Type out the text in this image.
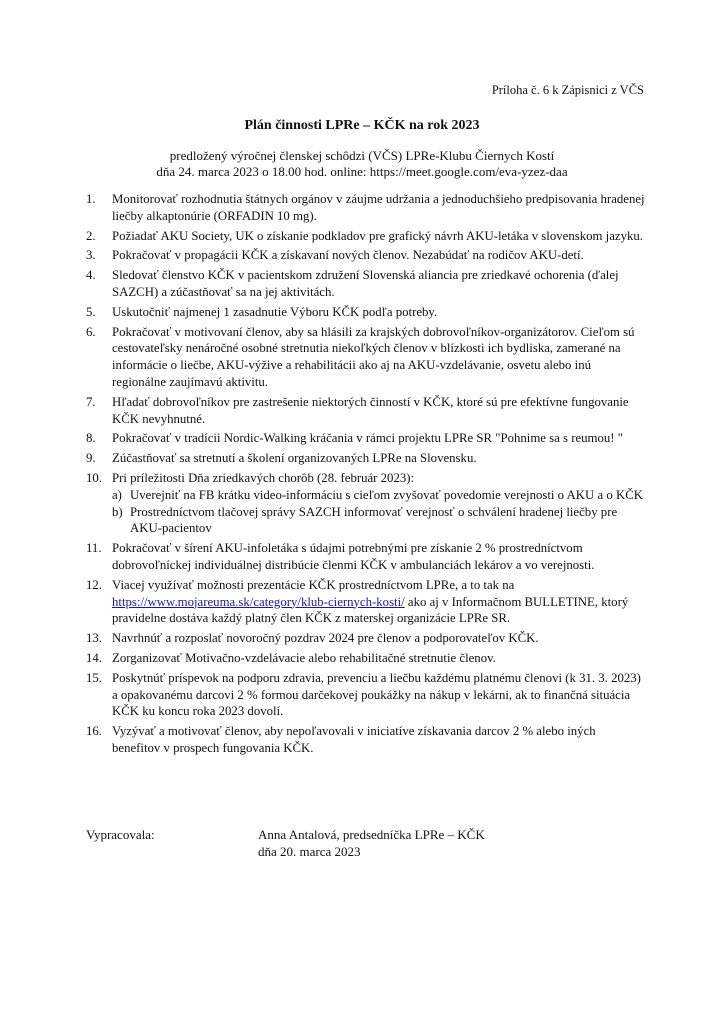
Príloha č. 6 k Zápisnici z VČS
Plán činnosti LPRe – KČK na rok 2023
predložený výročnej členskej schôdzi (VČS) LPRe-Klubu Čiernych Kostí
dňa 24. marca 2023 o 18.00 hod. online: https://meet.google.com/eva-yzez-daa
1.	Monitorovať rozhodnutia štátnych orgánov v záujme udržania a jednoduchšieho predpisovania hradenej liečby alkaptonúrie (ORFADIN 10 mg).
2.	Požiadať AKU Society, UK o získanie podkladov pre grafický návrh AKU-letáka v slovenskom jazyku.
3.	Pokračovať v propagácii KČK a získavaní nových členov. Nezabúdať na rodičov AKU-detí.
4.	Sledovať členstvo KČK v pacientskom združení Slovenská aliancia pre zriedkavé ochorenia (ďalej SAZCH) a zúčastňovať sa na jej aktivitách.
5.	Uskutočniť najmenej 1 zasadnutie Výboru KČK podľa potreby.
6.	Pokračovať v motivovaní členov, aby sa hlásili za krajských dobrovoľníkov-organizátorov. Cieľom sú cestovateľsky nenáročné osobné stretnutia niekoľkých členov v blízkosti ich bydliska, zamerané na informácie o liečbe, AKU-výžive a rehabilitácii ako aj na AKU-vzdelávanie, osvetu alebo inú regionálne zaujímavú aktivitu.
7.	Hľadať dobrovoľníkov pre zastrešenie niektorých činností v KČK, ktoré sú pre efektívne fungovanie KČK nevyhnutné.
8.	Pokračovať v tradícii Nordic-Walking kráčania v rámci projektu LPRe SR "Pohnime sa s reumou! "
9.	Zúčastňovať sa stretnutí a školení organizovaných LPRe na Slovensku.
10. Pri príležitosti Dňa zriedkavých chorôb (28. február 2023):
a) Uverejniť na FB krátku video-informáciu s cieľom zvyšovať povedomie verejnosti o AKU a o KČK
b) Prostredníctvom tlačovej správy SAZCH informovať verejnosť o schválení hradenej liečby pre AKU-pacientov
11. Pokračovať v šírení AKU-infoletáka s údajmi potrebnými pre získanie 2 % prostredníctvom dobrovoľníckej individuálnej distribúcie členmi KČK v ambulanciách lekárov a vo verejnosti.
12. Viacej využívať možnosti prezentácie KČK prostredníctvom LPRe, a to tak na https://www.mojareuma.sk/category/klub-ciernych-kosti/ ako aj v Informačnom BULLETINE, ktorý pravidelne dostáva každý platný člen KČK z materskej organizácie LPRe SR.
13. Navrhnúť a rozposlať novoročný pozdrav 2024 pre členov a podporovateľov KČK.
14. Zorganizovať Motivačno-vzdelávacie alebo rehabilitačné stretnutie členov.
15. Poskytnúť príspevok na podporu zdravia, prevenciu a liečbu každému platnému členovi (k 31. 3. 2023) a opakovanému darcovi 2 % formou darčekovej poukážky na nákup v lekárni, ak to finančná situácia KČK ku koncu roka 2023 dovolí.
16. Vyzývať a motivovať členov, aby nepoľavovali v iniciatíve získavania darcov 2 % alebo iných benefitov v prospech fungovania KČK.
Vypracovala:	Anna Antalová, predsedníčka LPRe – KČK
dňa 20. marca 2023
